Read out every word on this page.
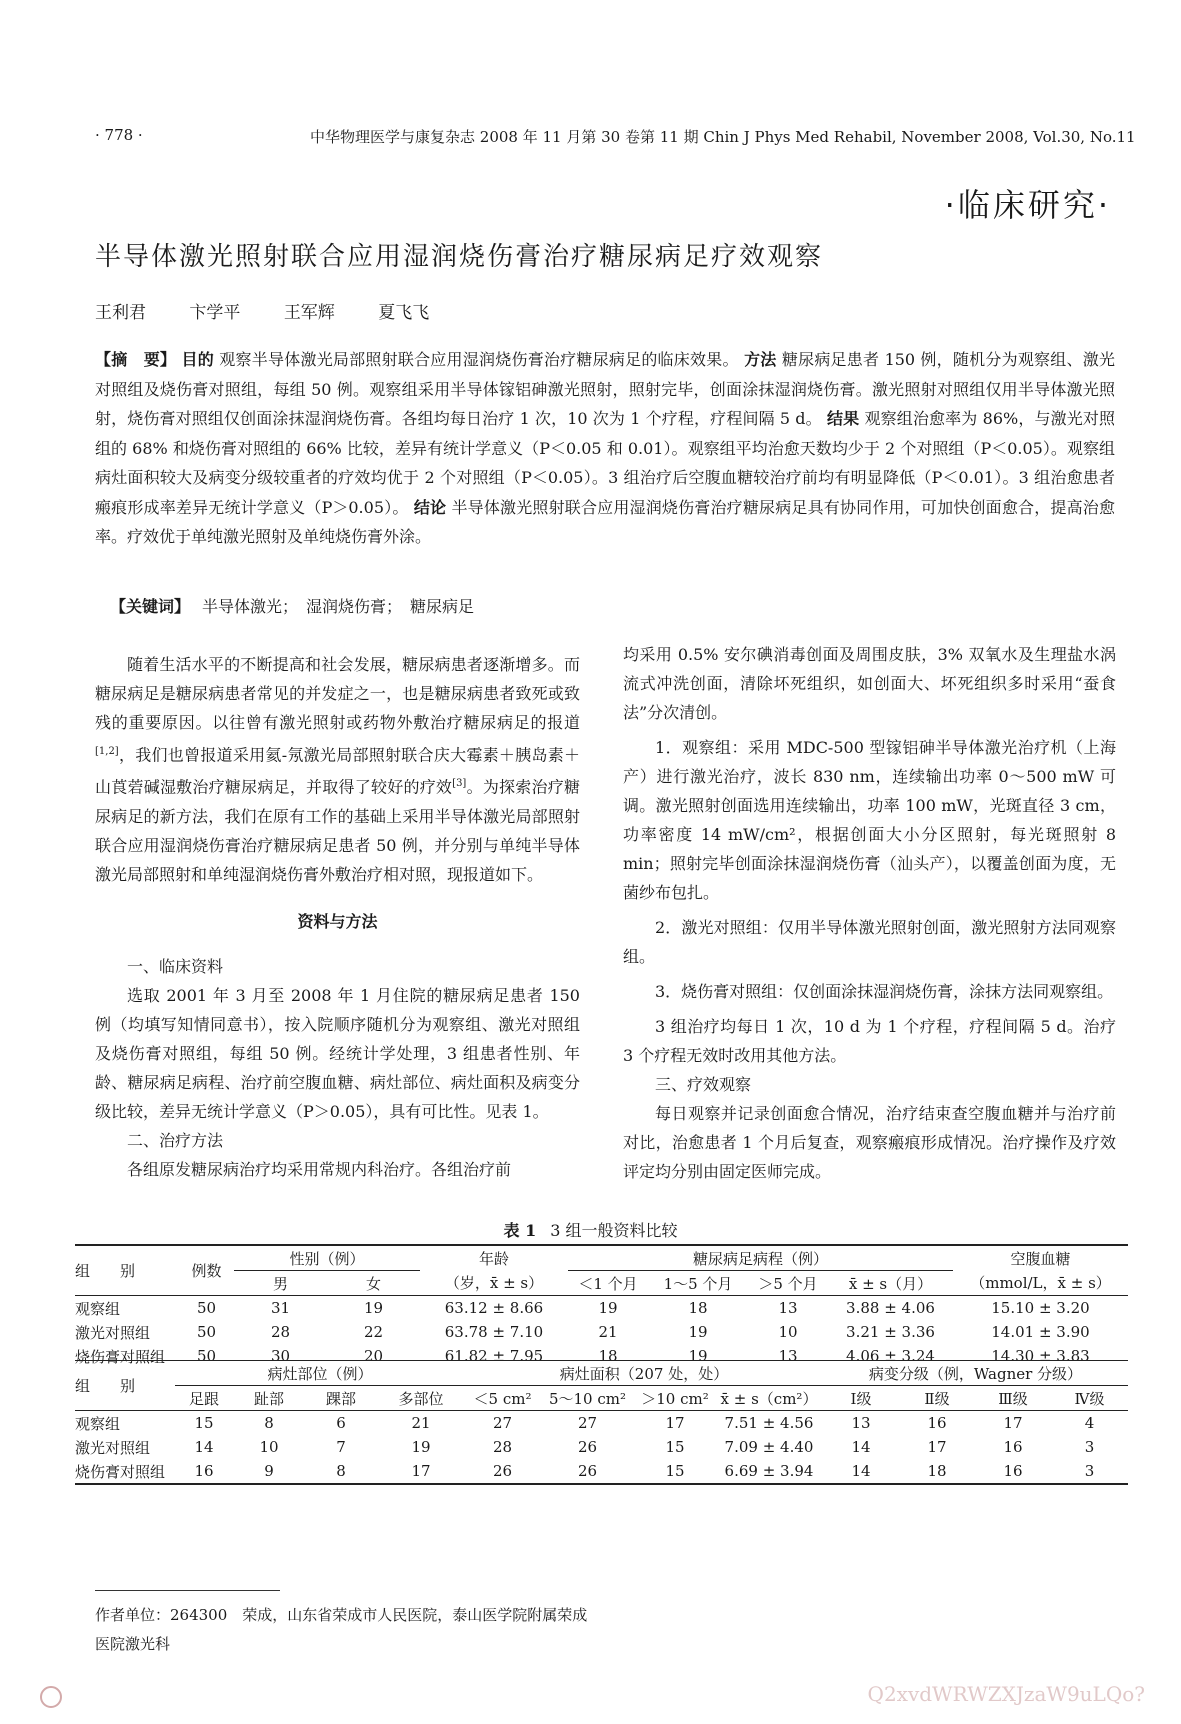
· 778 ·	中华物理医学与康复杂志 2008 年 11 月第 30 卷第 11 期 Chin J Phys Med Rehabil, November 2008, Vol.30, No.11
·临床研究·
半导体激光照射联合应用湿润烧伤膏治疗糖尿病足疗效观察
王利君	卞学平	王军辉	夏飞飞
【摘　要】 目的 观察半导体激光局部照射联合应用湿润烧伤膏治疗糖尿病足的临床效果。 方法 糖尿病足患者 150 例，随机分为观察组、激光对照组及烧伤膏对照组，每组 50 例。观察组采用半导体镓铝砷激光照射，照射完毕，创面涂抹湿润烧伤膏。激光照射对照组仅用半导体激光照射，烧伤膏对照组仅创面涂抹湿润烧伤膏。各组均每日治疗 1 次，10 次为 1 个疗程，疗程间隔 5 d。 结果 观察组治愈率为 86%，与激光对照组的 68% 和烧伤膏对照组的 66% 比较，差异有统计学意义（P＜0.05 和 0.01）。观察组平均治愈天数均少于 2 个对照组（P＜0.05）。观察组病灶面积较大及病变分级较重者的疗效均优于 2 个对照组（P＜0.05）。3 组治疗后空腹血糖较治疗前均有明显降低（P＜0.01）。3 组治愈患者瘢痕形成率差异无统计学意义（P＞0.05）。 结论 半导体激光照射联合应用湿润烧伤膏治疗糖尿病足具有协同作用，可加快创面愈合，提高治愈率。疗效优于单纯激光照射及单纯烧伤膏外涂。
【关键词】 半导体激光；　湿润烧伤膏；　糖尿病足

随着生活水平的不断提高和社会发展，糖尿病患者逐渐增多。而糖尿病足是糖尿病患者常见的并发症之一，也是糖尿病患者致死或致残的重要原因。以往曾有激光照射或药物外敷治疗糖尿病足的报道[1,2]，我们也曾报道采用氦-氖激光局部照射联合庆大霉素＋胰岛素＋山莨菪碱湿敷治疗糖尿病足，并取得了较好的疗效[3]。为探索治疗糖尿病足的新方法，我们在原有工作的基础上采用半导体激光局部照射联合应用湿润烧伤膏治疗糖尿病足患者 50 例，并分别与单纯半导体激光局部照射和单纯湿润烧伤膏外敷治疗相对照，现报道如下。

资料与方法

一、临床资料

选取 2001 年 3 月至 2008 年 1 月住院的糖尿病足患者 150 例（均填写知情同意书），按入院顺序随机分为观察组、激光对照组及烧伤膏对照组，每组 50 例。经统计学处理，3 组患者性别、年龄、糖尿病足病程、治疗前空腹血糖、病灶部位、病灶面积及病变分级比较，差异无统计学意义（P＞0.05），具有可比性。见表 1。

二、治疗方法

各组原发糖尿病治疗均采用常规内科治疗。各组治疗前

均采用 0.5% 安尔碘消毒创面及周围皮肤，3% 双氧水及生理盐水涡流式冲洗创面，清除坏死组织，如创面大、坏死组织多时采用“蚕食法”分次清创。

1．观察组：采用 MDC-500 型镓铝砷半导体激光治疗机（上海产）进行激光治疗，波长 830 nm，连续输出功率 0～500 mW 可调。激光照射创面选用连续输出，功率 100 mW，光斑直径 3 cm，功率密度 14 mW/cm²，根据创面大小分区照射，每光斑照射 8 min；照射完毕创面涂抹湿润烧伤膏（汕头产），以覆盖创面为度，无菌纱布包扎。

2．激光对照组：仅用半导体激光照射创面，激光照射方法同观察组。

3．烧伤膏对照组：仅创面涂抹湿润烧伤膏，涂抹方法同观察组。

3 组治疗均每日 1 次，10 d 为 1 个疗程，疗程间隔 5 d。治疗 3 个疗程无效时改用其他方法。

三、疗效观察

每日观察并记录创面愈合情况，治疗结束查空腹血糖并与治疗前对比，治愈患者 1 个月后复查，观察瘢痕形成情况。治疗操作及疗效评定均分别由固定医师完成。

表 1 3 组一般资料比较
组　　别	例数	性别（例）		年龄	糖尿病足病程（例）				空腹血糖
		男	女	（岁，x̄ ± s）	＜1 个月	1～5 个月	＞5 个月	x̄ ± s（月）	（mmol/L，x̄ ± s）
观察组	50	31	19	63.12 ± 8.66	19	18	13	3.88 ± 4.06	15.10 ± 3.20
激光对照组	50	28	22	63.78 ± 7.10	21	19	10	3.21 ± 3.36	14.01 ± 3.90
烧伤膏对照组	50	30	20	61.82 ± 7.95	18	19	13	4.06 ± 3.24	14.30 ± 3.83
组　　别	病灶部位（例）				病灶面积（207 处，处）				病变分级（例，Wagner 分级）			
	足跟	趾部	踝部	多部位	＜5 cm²	5～10 cm²	＞10 cm²	x̄ ± s（cm²）	Ⅰ级	Ⅱ级	Ⅲ级	Ⅳ级
观察组	15	8	6	21	27	27	17	7.51 ± 4.56	13	16	17	4
激光对照组	14	10	7	19	28	26	15	7.09 ± 4.40	14	17	16	3
烧伤膏对照组	16	9	8	17	26	26	15	6.69 ± 3.94	14	18	16	3
作者单位：264300　荣成，山东省荣成市人民医院，泰山医学院附属荣成医院激光科
Q2xvdWRWZXJzaW9uLQo?
